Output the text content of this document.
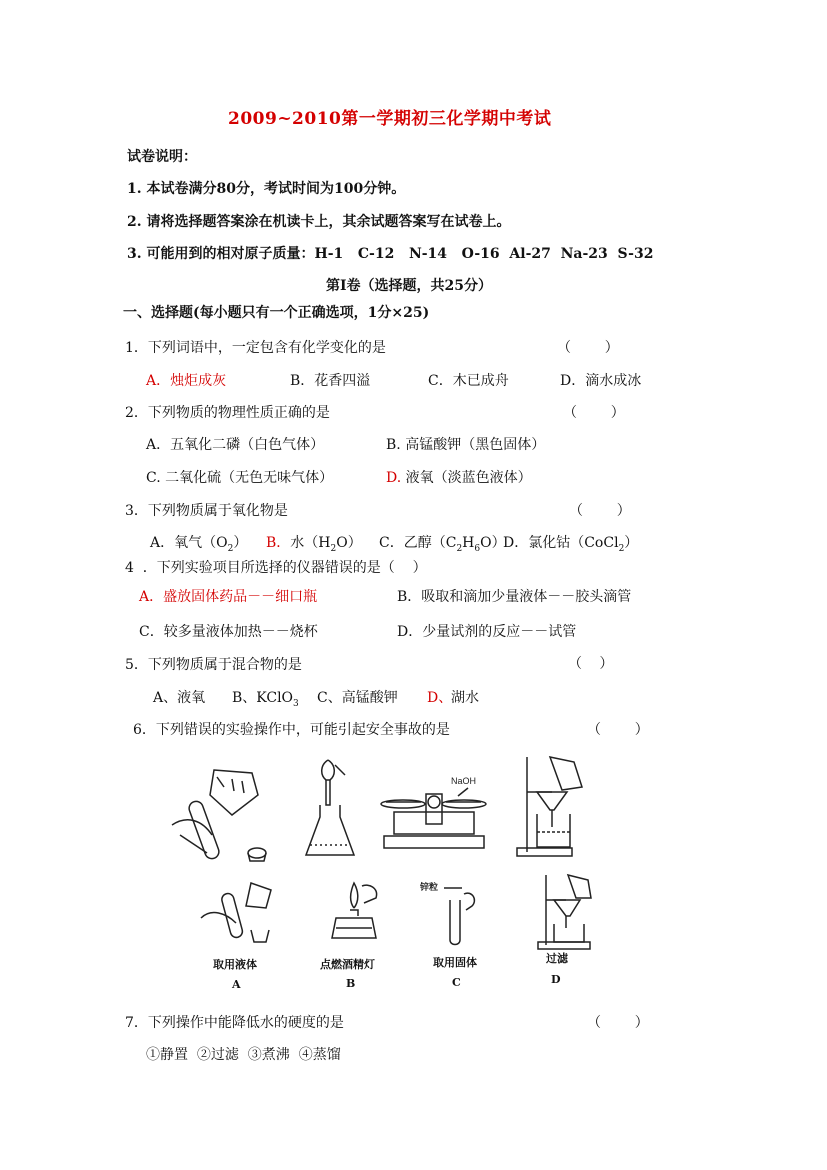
2009~2010第一学期初三化学期中考试
试卷说明：
1. 本试卷满分80分，考试时间为100分钟。
2. 请将选择题答案涂在机读卡上，其余试题答案写在试卷上。
3. 可能用到的相对原子质量：H-1   C-12   N-14   O-16  Al-27  Na-23  S-32
第I卷（选择题，共25分）
一、选择题(每小题只有一个正确选项，1分×25)
1．下列词语中，一定包含有化学变化的是	（      ）
A．烛炬成灰	B．花香四溢	C．木已成舟	D．滴水成冰
2．下列物质的物理性质正确的是	（      ）
A．五氧化二磷（白色气体）	B. 高锰酸钾（黑色固体）
C. 二氧化硫（无色无味气体）	D. 液氧（淡蓝色液体）
3．下列物质属于氧化物是	（      ）
A．氧气$(O_2)$ B．水$(H_2O)$ C．乙醇$(C_2H_6O)$
D．氯化钴（CoCl$_2$）
4  ．下列实验项目所选择的仪器错误的是（    ）
A．盛放固体药品－－细口瓶	B．吸取和滴加少量液体－－胶头滴管
C．较多量液体加热－－烧杯	D．少量试剂的反应－－试管
5．下列物质属于混合物的是	（   ）
A、液氧 B、KClO$_3$ C、高锰酸钾 D、
湖水
6．下列错误的实验操作中，可能引起安全事故的是	（      ）
NaOH
锌粒
取用液体	点燃酒精灯	取用固体	过滤
A	B	C	D
7．下列操作中能降低水的硬度的是	（      ）
①静置  ②过滤  ③煮沸  ④蒸馏
